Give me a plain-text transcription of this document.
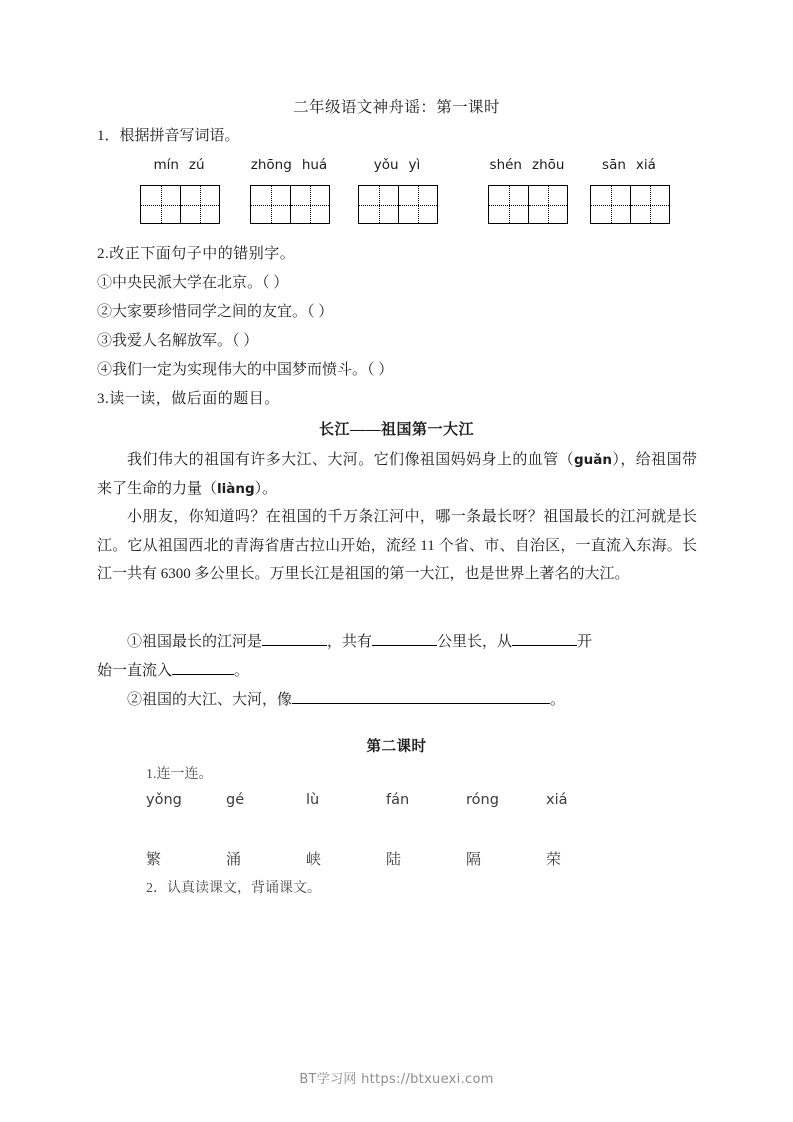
二年级语文神舟谣：第一课时
1．根据拼音写词语。
mín zú	zhōng huá	yǒu yì	shén zhōu	sān xiá
2.改正下面句子中的错别字。
①中央民派大学在北京。（ ）
②大家要珍惜同学之间的友宜。（ ）
③我爱人名解放军。（ ）
④我们一定为实现伟大的中国梦而愤斗。（ ）
3.读一读，做后面的题目。
长江——祖国第一大江
我们伟大的祖国有许多大江、大河。它们像祖国妈妈身上的血管（guǎn），给祖国带来了生命的力量（liàng）。
小朋友，你知道吗？在祖国的千万条江河中，哪一条最长呀？祖国最长的江河就是长江。它从祖国西北的青海省唐古拉山开始，流经 11 个省、市、自治区，一直流入东海。长江一共有 6300 多公里长。万里长江是祖国的第一大江，也是世界上著名的大江。
①祖国最长的江河是	，共有	公里长，从	开
始一直流入	。
②祖国的大江、大河，像	。
第二课时
1.连一连。
yǒng	gé	lù	fán	róng	xiá
繁	涌	峡	陆	隔	荣
2．认真读课文，背诵课文。
BT学习网 https://btxuexi.com
